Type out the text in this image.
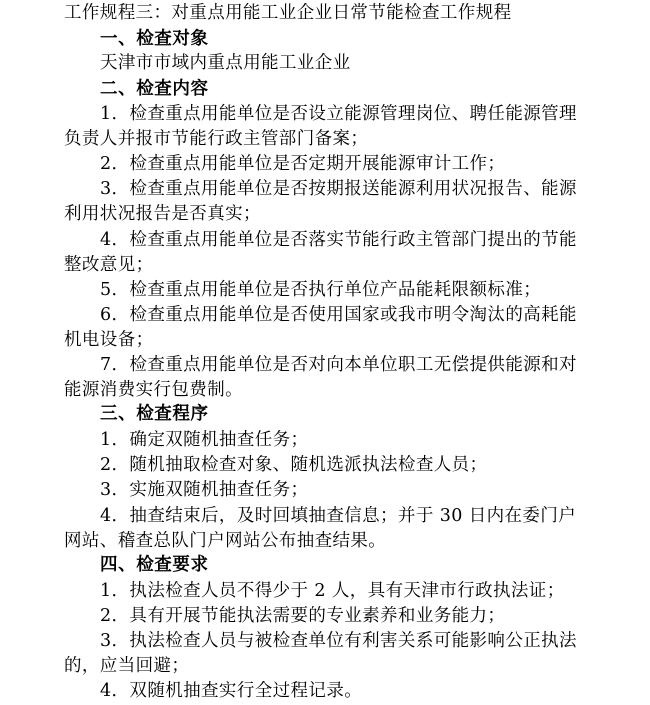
工作规程三：对重点用能工业企业日常节能检查工作规程
一、检查对象
天津市市域内重点用能工业企业
二、检查内容
1．检查重点用能单位是否设立能源管理岗位、聘任能源管理
负责人并报市节能行政主管部门备案；
2．检查重点用能单位是否定期开展能源审计工作；
3．检查重点用能单位是否按期报送能源利用状况报告、能源
利用状况报告是否真实；
4．检查重点用能单位是否落实节能行政主管部门提出的节能
整改意见；
5．检查重点用能单位是否执行单位产品能耗限额标准；
6．检查重点用能单位是否使用国家或我市明令淘汰的高耗能
机电设备；
7．检查重点用能单位是否对向本单位职工无偿提供能源和对
能源消费实行包费制。
三、检查程序
1．确定双随机抽查任务；
2．随机抽取检查对象、随机选派执法检查人员；
3．实施双随机抽查任务；
4．抽查结束后，及时回填抽查信息；并于 30 日内在委门户
网站、稽查总队门户网站公布抽查结果。
四、检查要求
1．执法检查人员不得少于 2 人，具有天津市行政执法证；
2．具有开展节能执法需要的专业素养和业务能力；
3．执法检查人员与被检查单位有利害关系可能影响公正执法
的，应当回避；
4．双随机抽查实行全过程记录。
